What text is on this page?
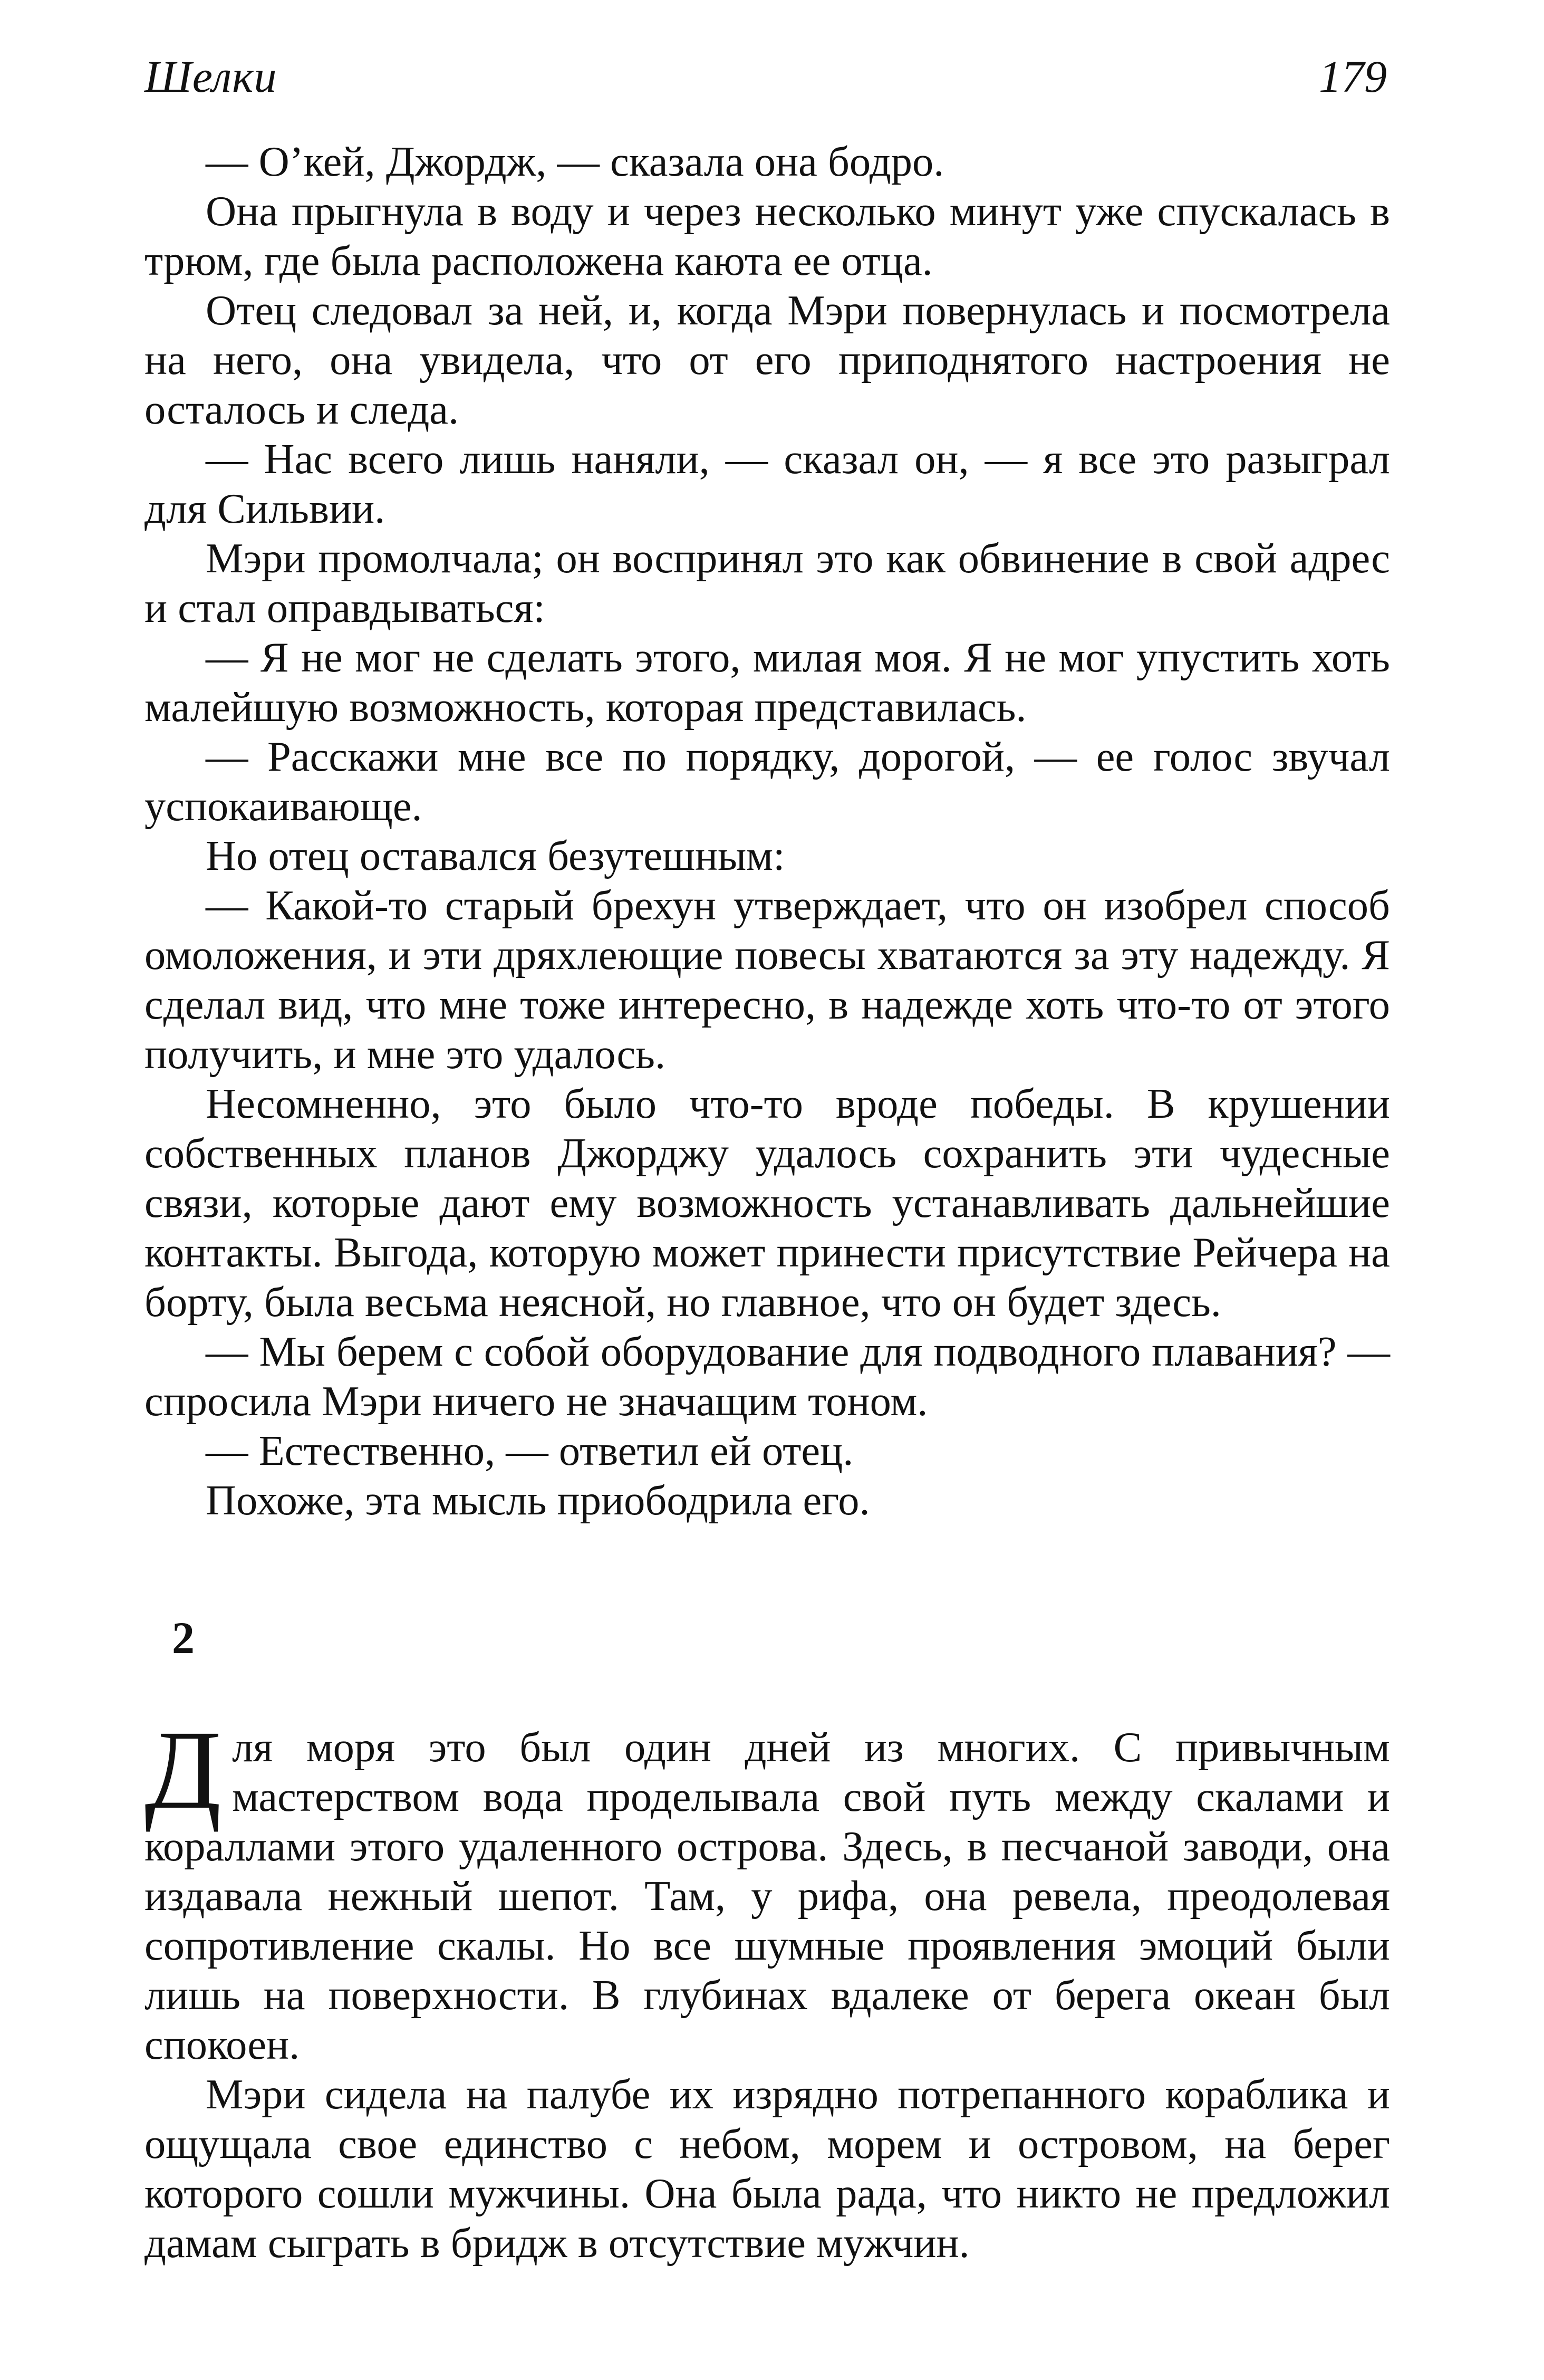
Шелки	179

— О’кей, Джордж, — сказала она бодро.

Она прыгнула в воду и через несколько минут уже спускалась в трюм, где была расположена каюта ее отца.

Отец следовал за ней, и, когда Мэри повернулась и посмотрела на него, она увидела, что от его приподнятого настроения не осталось и следа.

— Нас всего лишь наняли, — сказал он, — я все это разыграл для Сильвии.

Мэри промолчала; он воспринял это как обвинение в свой адрес и стал оправдываться:

— Я не мог не сделать этого, милая моя. Я не мог упустить хоть малейшую возможность, которая представилась.

— Расскажи мне все по порядку, дорогой, — ее голос звучал успокаивающе.

Но отец оставался безутешным:

— Какой-то старый брехун утверждает, что он изобрел способ омоложения, и эти дряхлеющие повесы хватаются за эту надежду. Я сделал вид, что мне тоже интересно, в надежде хоть что-то от этого получить, и мне это удалось.

Несомненно, это было что-то вроде победы. В крушении собственных планов Джорджу удалось сохранить эти чудесные связи, которые дают ему возможность устанавливать дальнейшие контакты. Выгода, которую может принести присутствие Рейчера на борту, была весьма неясной, но главное, что он будет здесь.

— Мы берем с собой оборудование для подводного плавания? — спросила Мэри ничего не значащим тоном.

— Естественно, — ответил ей отец.

Похоже, эта мысль приободрила его.

2

Для моря это был один дней из многих. С привычным мастерством вода проделывала свой путь между скалами и кораллами этого удаленного острова. Здесь, в песчаной заводи, она издавала нежный шепот. Там, у рифа, она ревела, преодолевая сопротивление скалы. Но все шумные проявления эмоций были лишь на поверхности. В глубинах вдалеке от берега океан был спокоен.

Мэри сидела на палубе их изрядно потрепанного кораблика и ощущала свое единство с небом, морем и островом, на берег которого сошли мужчины. Она была рада, что никто не предложил дамам сыграть в бридж в отсутствие мужчин.
